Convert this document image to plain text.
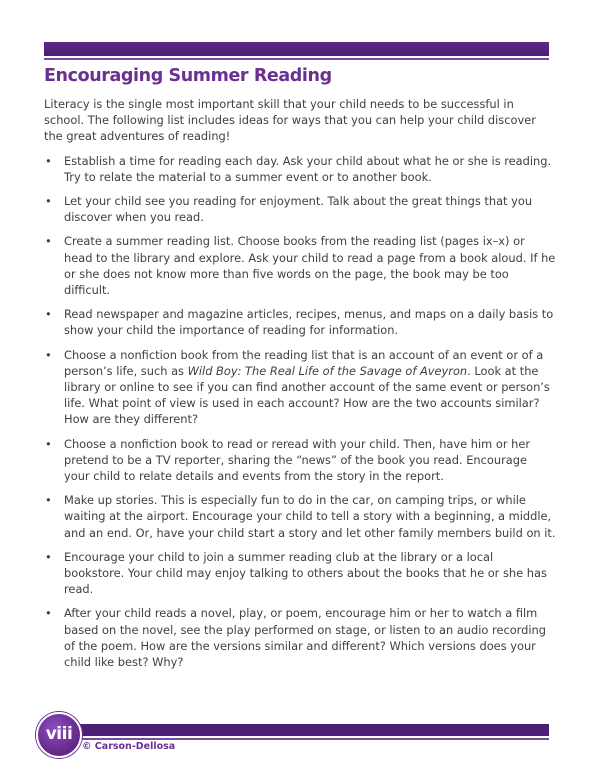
Encouraging Summer Reading

Literacy is the single most important skill that your child needs to be successful in school. The following list includes ideas for ways that you can help your child discover the great adventures of reading!

• Establish a time for reading each day. Ask your child about what he or she is reading. Try to relate the material to a summer event or to another book.
• Let your child see you reading for enjoyment. Talk about the great things that you discover when you read.
• Create a summer reading list. Choose books from the reading list (pages ix–x) or head to the library and explore. Ask your child to read a page from a book aloud. If he or she does not know more than five words on the page, the book may be too difficult.
• Read newspaper and magazine articles, recipes, menus, and maps on a daily basis to show your child the importance of reading for information.
• Choose a nonfiction book from the reading list that is an account of an event or of a person’s life, such as Wild Boy: The Real Life of the Savage of Aveyron. Look at the library or online to see if you can find another account of the same event or person’s life. What point of view is used in each account? How are the two accounts similar? How are they different?
• Choose a nonfiction book to read or reread with your child. Then, have him or her pretend to be a TV reporter, sharing the “news” of the book you read. Encourage your child to relate details and events from the story in the report.
• Make up stories. This is especially fun to do in the car, on camping trips, or while waiting at the airport. Encourage your child to tell a story with a beginning, a middle, and an end. Or, have your child start a story and let other family members build on it.
• Encourage your child to join a summer reading club at the library or a local bookstore. Your child may enjoy talking to others about the books that he or she has read.
• After your child reads a novel, play, or poem, encourage him or her to watch a film based on the novel, see the play performed on stage, or listen to an audio recording of the poem. How are the versions similar and different? Which versions does your child like best? Why?
viii
© Carson-Dellosa
